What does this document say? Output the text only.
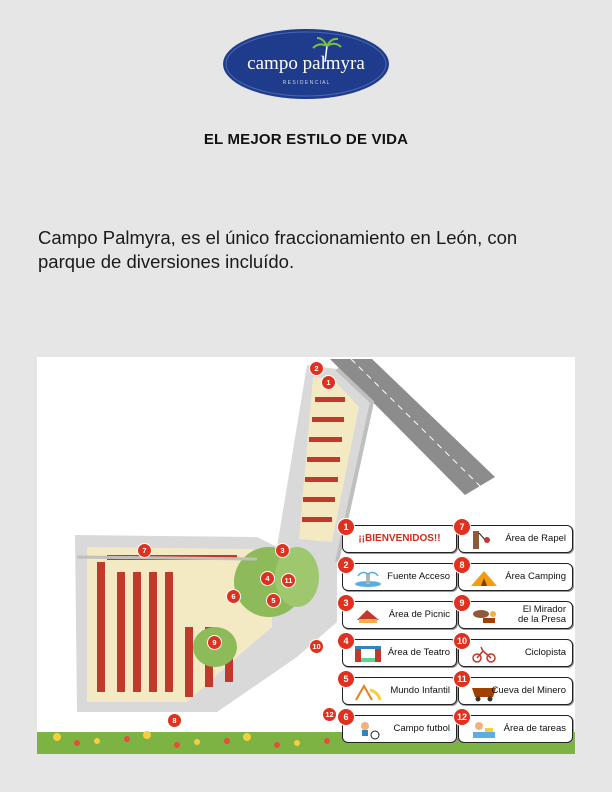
campo palmyra
R E S I D E N C I A L
EL MEJOR ESTILO DE VIDA
Campo Palmyra, es el único fraccionamiento en León, con parque de diversiones incluído.
2
1
7	3
4	11
6	5
9	10
8
12
1
¡¡BIENVENIDOS!!
2
Fuente Acceso
3
Área de Picnic
4
Área de Teatro
5
Mundo Infantil
6
Campo futbol
7
Área de Rapel
8
Área Camping
9
El Mirador de la Presa
10
Ciclopista
11
Cueva del Minero
12
Área de tareas
